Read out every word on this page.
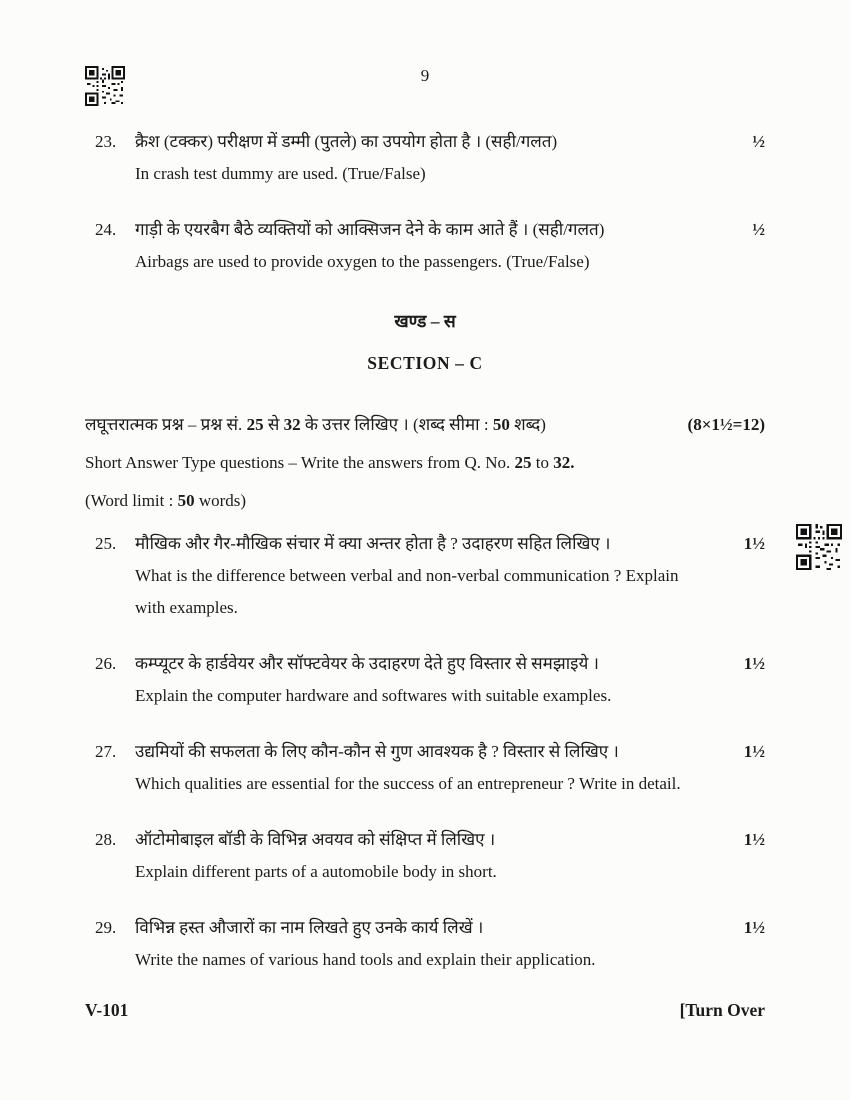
9
23.	क्रैश (टक्कर) परीक्षण में डम्मी (पुतले) का उपयोग होता है । (सही/गलत)
In crash test dummy are used. (True/False)
½
24.	गाड़ी के एयरबैग बैठे व्यक्तियों को आक्सिजन देने के काम आते हैं । (सही/गलत)
Airbags are used to provide oxygen to the passengers. (True/False)
½
खण्ड – स
SECTION – C

लघूत्तरात्मक प्रश्न – प्रश्न सं. 25 से 32 के उत्तर लिखिए । (शब्द सीमा : 50 शब्द)	(8×1½=12)

Short Answer Type questions – Write the answers from Q. No. 25 to 32.

(Word limit : 50 words)

25.	मौखिक और गैर-मौखिक संचार में क्या अन्तर होता है ? उदाहरण सहित लिखिए ।
What is the difference between verbal and non-verbal communication ? Explain with examples.
1½
26.	कम्प्यूटर के हार्डवेयर और सॉफ्टवेयर के उदाहरण देते हुए विस्तार से समझाइये ।
Explain the computer hardware and softwares with suitable examples.
1½
27.	उद्यमियों की सफलता के लिए कौन-कौन से गुण आवश्यक है ? विस्तार से लिखिए ।
Which qualities are essential for the success of an entrepreneur ? Write in detail.
1½
28.	ऑटोमोबाइल बॉडी के विभिन्न अवयव को संक्षिप्त में लिखिए ।
Explain different parts of a automobile body in short.
1½
29.	विभिन्न हस्त औजारों का नाम लिखते हुए उनके कार्य लिखें ।
Write the names of various hand tools and explain their application.
1½
V-101	[Turn Over
